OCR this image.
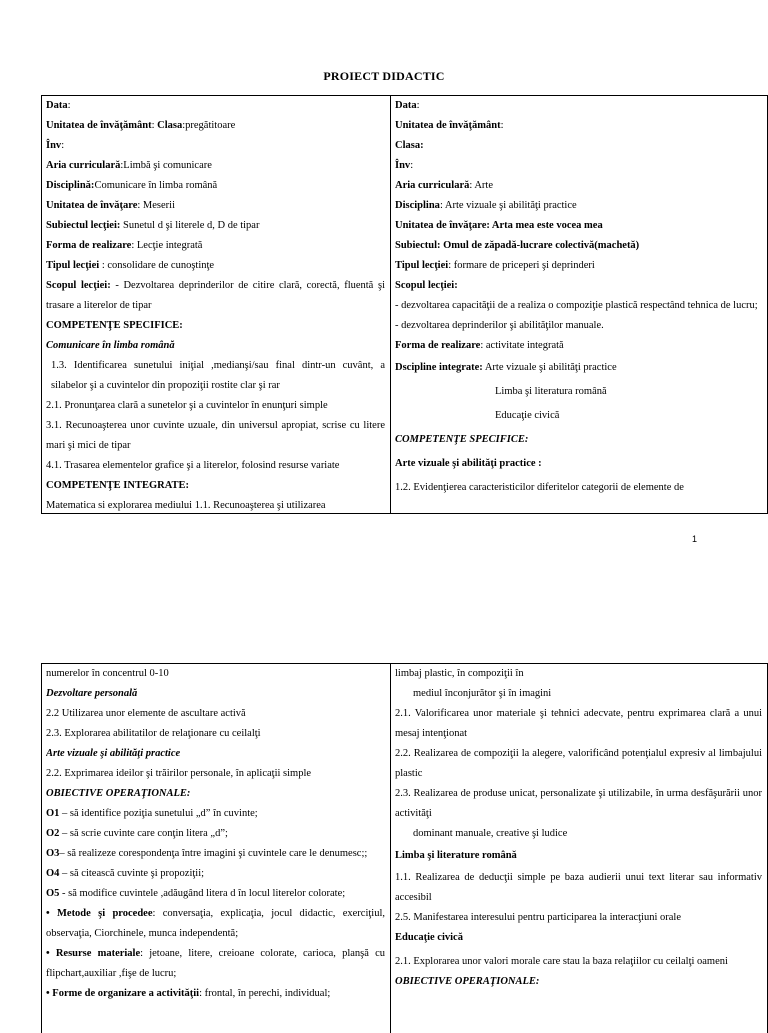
PROIECT DIDACTIC
Data:
Unitatea de învăţământ: Clasa:pregătitoare
Înv:
Aria curriculară:Limbă şi comunicare
Disciplină:Comunicare în limba română
Unitatea de învăţare: Meserii
Subiectul lecţiei: Sunetul d şi literele d, D de tipar
Forma de realizare: Lecţie integrată
Tipul lecţiei : consolidare de cunoştinţe
Scopul lecţiei: - Dezvoltarea deprinderilor de citire clară, corectă, fluentă şi trasare a literelor de tipar
COMPETENŢE SPECIFICE:
Comunicare în limba română
1.3. Identificarea sunetului iniţial ,medianşi/sau final dintr-un cuvânt, a silabelor şi a cuvintelor din propoziţii rostite clar şi rar
2.1. Pronunţarea clară a sunetelor şi a cuvintelor în enunţuri simple
3.1. Recunoaşterea unor cuvinte uzuale, din universul apropiat, scrise cu litere mari şi mici de tipar
4.1. Trasarea elementelor grafice şi a literelor, folosind resurse variate
COMPETENŢE INTEGRATE:
Matematica si explorarea mediului 1.1. Recunoaşterea şi utilizarea
Data:
Unitatea de învăţământ:
Clasa:
Înv:
Aria curriculară: Arte
Disciplina: Arte vizuale şi abilităţi practice
Unitatea de învăţare: Arta mea este vocea mea
Subiectul: Omul de zăpadă-lucrare colectivă(machetă)
Tipul lecţiei: formare de priceperi şi deprinderi
Scopul lecţiei:
- dezvoltarea capacităţii de a realiza o compoziţie plastică respectând tehnica de lucru;
- dezvoltarea deprinderilor şi abilităţilor manuale.
Forma de realizare: activitate integrată
Dscipline integrate: Arte vizuale şi abilităţi practice
Limba şi literatura română
Educaţie civică
COMPETENŢE SPECIFICE:
Arte vizuale şi abilităţi practice :
1.2. Evidenţierea caracteristicilor diferitelor categorii de elemente de
1
numerelor în concentrul 0-10
Dezvoltare personală
2.2 Utilizarea unor elemente de ascultare activă
2.3. Explorarea abilitatilor de relaţionare cu ceilalţi
Arte vizuale şi abilităţi practice
2.2. Exprimarea ideilor şi trăirilor personale, în aplicaţii simple
OBIECTIVE OPERAŢIONALE:
O1 – să identifice poziţia sunetului „d” în cuvinte;
O2 – să scrie cuvinte care conţin litera „d”;
O3– să realizeze corespondenţa între imagini şi cuvintele care le denumesc;;
O4 – să citească cuvinte şi propoziţii;
O5 - să modifice cuvintele ,adăugând litera d în locul literelor colorate;
• Metode şi procedee: conversaţia, explicaţia, jocul didactic, exerciţiul, observaţia, Ciorchinele, munca independentă;
• Resurse materiale: jetoane, litere, creioane colorate, carioca, planşă cu flipchart,auxiliar ,fişe de lucru;
• Forme de organizare a activităţii: frontal, în perechi, individual;
limbaj plastic, în compoziţii în
mediul înconjurător şi în imagini
2.1. Valorificarea unor materiale şi tehnici adecvate, pentru exprimarea clară a unui mesaj intenţionat
2.2. Realizarea de compoziţii la alegere, valorificând potenţialul expresiv al limbajului plastic
2.3. Realizarea de produse unicat, personalizate şi utilizabile, în urma desfăşurării unor activităţi
dominant manuale, creative şi ludice
Limba şi literature română
1.1. Realizarea de deducţii simple pe baza audierii unui text literar sau informativ accesibil
2.5. Manifestarea interesului pentru participarea la interacţiuni orale
Educaţie civică
2.1. Explorarea unor valori morale care stau la baza relaţiilor cu ceilalţi oameni
OBIECTIVE OPERAŢIONALE:
